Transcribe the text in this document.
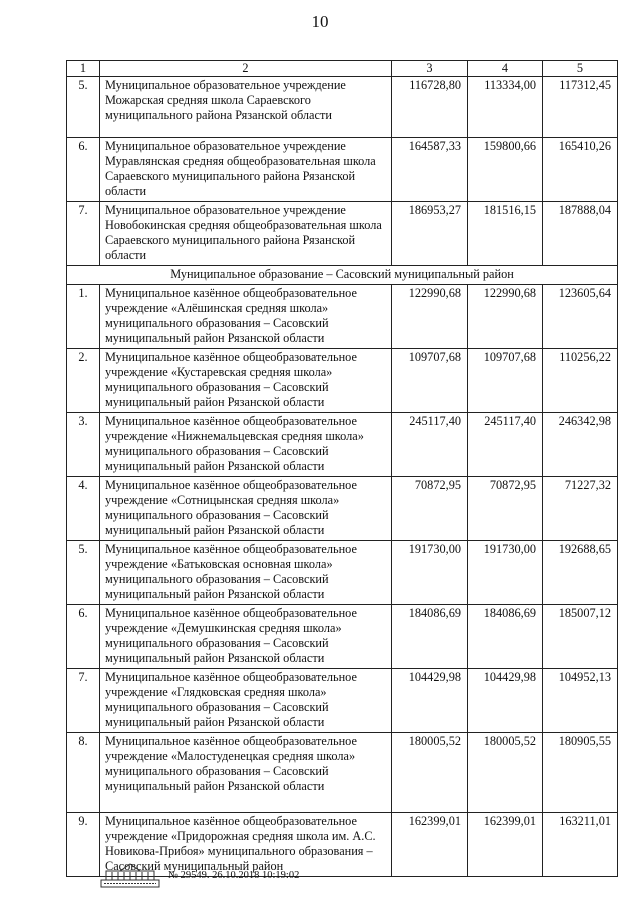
10
1	2	3	4	5
5.	Муниципальное образовательное учреждение Можарская средняя школа Сараевского муниципального района Рязанской области	116728,80	113334,00	117312,45
6.	Муниципальное образовательное учреждение Муравлянская средняя общеобразовательная школа Сараевского муниципального района Рязанской области	164587,33	159800,66	165410,26
7.	Муниципальное образовательное учреждение Новобокинская средняя общеобразовательная школа Сараевского муниципального района Рязанской области	186953,27	181516,15	187888,04
Муниципальное образование – Сасовский муниципальный район				
1.	Муниципальное казённое общеобразовательное учреждение «Алёшинская средняя школа» муниципального образования – Сасовский муниципальный район Рязанской области	122990,68	122990,68	123605,64
2.	Муниципальное казённое общеобразовательное учреждение «Кустаревская средняя школа» муниципального образования – Сасовский муниципальный район Рязанской области	109707,68	109707,68	110256,22
3.	Муниципальное казённое общеобразовательное учреждение «Нижнемальцевская средняя школа» муниципального образования – Сасовский муниципальный район Рязанской области	245117,40	245117,40	246342,98
4.	Муниципальное казённое общеобразовательное учреждение «Сотницынская средняя школа» муниципального образования – Сасовский муниципальный район Рязанской области	70872,95	70872,95	71227,32
5.	Муниципальное казённое общеобразовательное учреждение «Батьковская основная школа» муниципального образования – Сасовский муниципальный район Рязанской области	191730,00	191730,00	192688,65
6.	Муниципальное казённое общеобразовательное учреждение «Демушкинская средняя школа» муниципального образования – Сасовский муниципальный район Рязанской области	184086,69	184086,69	185007,12
7.	Муниципальное казённое общеобразовательное учреждение «Глядковская средняя школа» муниципального образования – Сасовский муниципальный район Рязанской области	104429,98	104429,98	104952,13
8.	Муниципальное казённое общеобразовательное учреждение «Малостуденецкая средняя школа» муниципального образования – Сасовский муниципальный район Рязанской области	180005,52	180005,52	180905,55
9.	Муниципальное казённое общеобразовательное учреждение «Придорожная средняя школа им. А.С. Новикова-Прибоя» муниципального образования – Сасовский муниципальный район	162399,01	162399,01	163211,01
№ 29549. 26.10.2018 10:19:02
